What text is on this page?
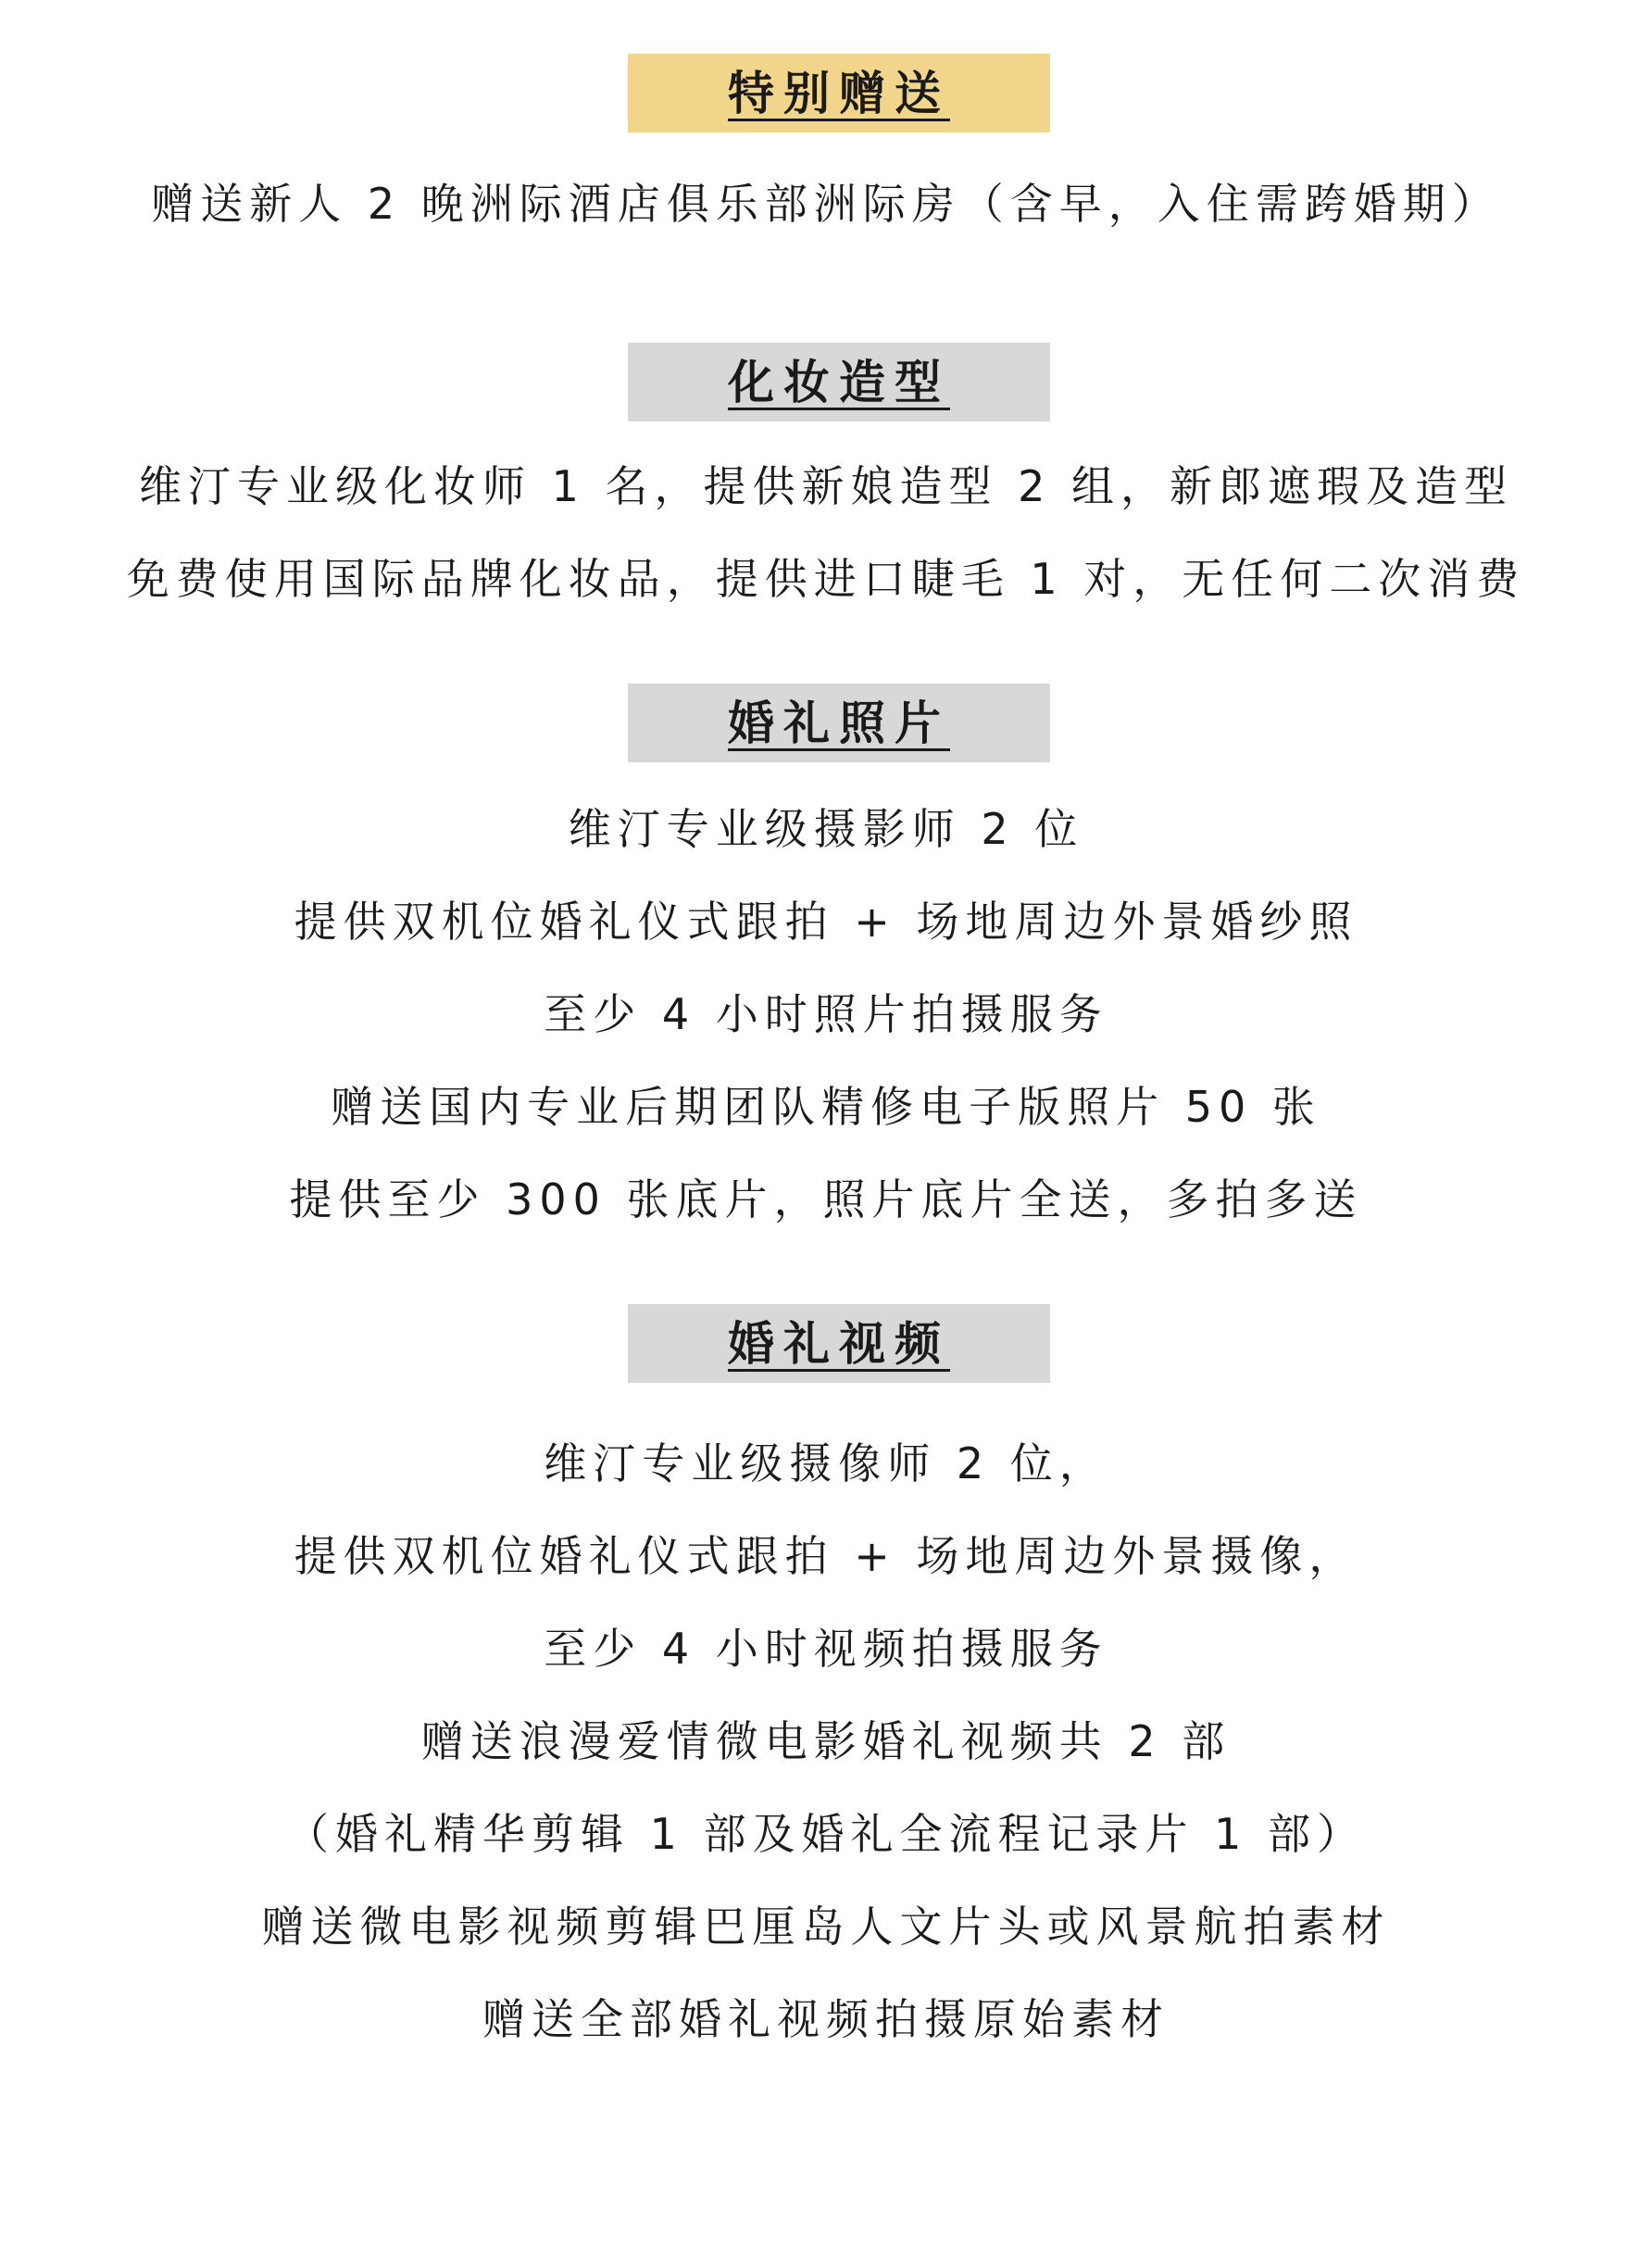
特别赠送
赠送新人 2 晚洲际酒店俱乐部洲际房（含早，入住需跨婚期）
化妆造型
维汀专业级化妆师 1 名，提供新娘造型 2 组，新郎遮瑕及造型
免费使用国际品牌化妆品，提供进口睫毛 1 对，无任何二次消费
婚礼照片
维汀专业级摄影师 2 位
提供双机位婚礼仪式跟拍 + 场地周边外景婚纱照
至少 4 小时照片拍摄服务
赠送国内专业后期团队精修电子版照片 50 张
提供至少 300 张底片，照片底片全送，多拍多送
婚礼视频
维汀专业级摄像师 2 位，
提供双机位婚礼仪式跟拍 + 场地周边外景摄像，
至少 4 小时视频拍摄服务
赠送浪漫爱情微电影婚礼视频共 2 部
（婚礼精华剪辑 1 部及婚礼全流程记录片 1 部）
赠送微电影视频剪辑巴厘岛人文片头或风景航拍素材
赠送全部婚礼视频拍摄原始素材
